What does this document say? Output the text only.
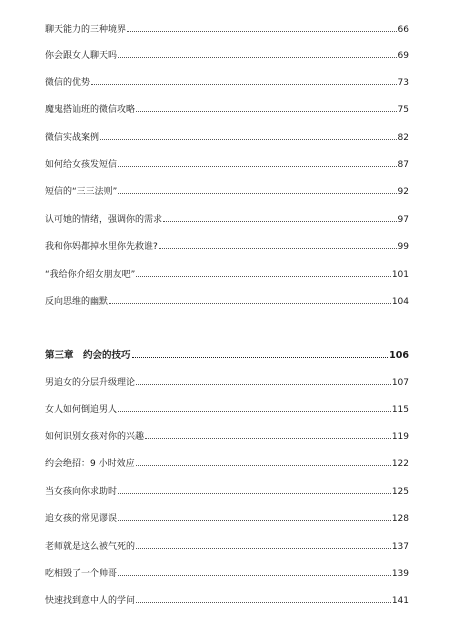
聊天能力的三种境界	66
你会跟女人聊天吗	69
微信的优势	73
魔鬼搭讪班的微信攻略	75
微信实战案例	82
如何给女孩发短信	87
短信的“三三法则”	92
认可她的情绪，强调你的需求	97
我和你妈都掉水里你先救谁?	99
“我给你介绍女朋友吧”	101
反向思维的幽默	104
第三章　约会的技巧	106
男追女的分层升级理论	107
女人如何倒追男人	115
如何识别女孩对你的兴趣	119
约会绝招：9 小时效应	122
当女孩向你求助时	125
追女孩的常见谬误	128
老师就是这么被气死的	137
吃相毁了一个帅哥	139
快速找到意中人的学问	141
